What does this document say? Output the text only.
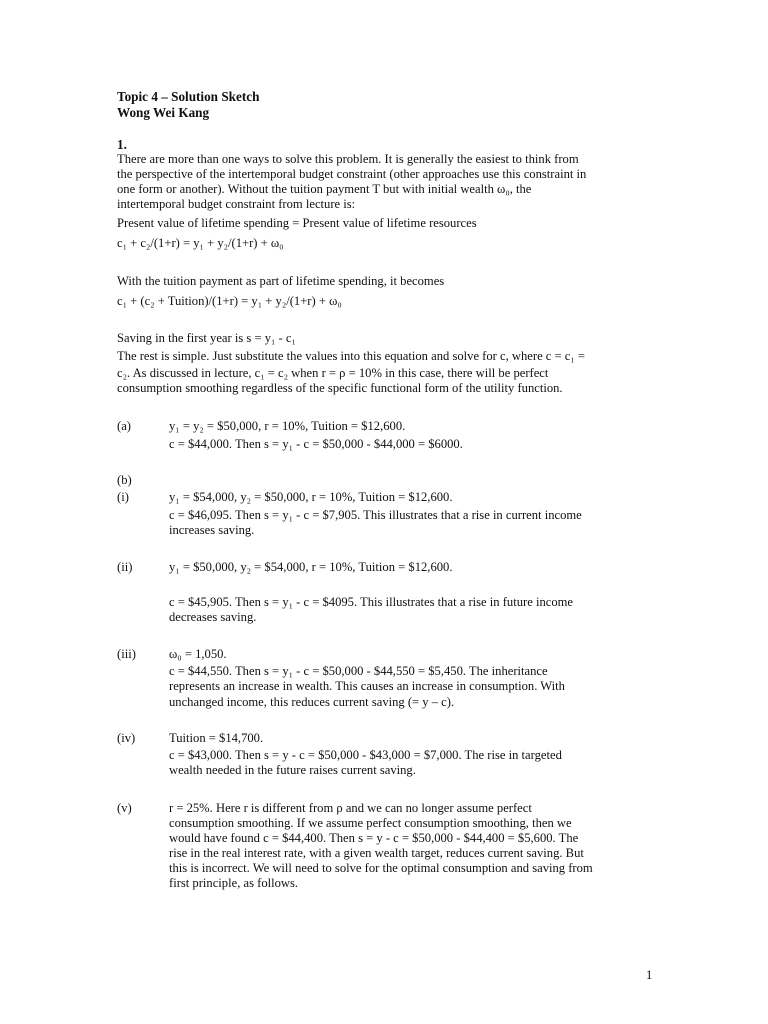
Topic 4 – Solution Sketch
Wong Wei Kang
1.
There are more than one ways to solve this problem. It is generally the easiest to think from
the perspective of the intertemporal budget constraint (other approaches use this constraint in
one form or another). Without the tuition payment T but with initial wealth ω₀, the
intertemporal budget constraint from lecture is:
Present value of lifetime spending = Present value of lifetime resources
c₁ + c₂/(1+r) = y₁ + y₂/(1+r) + ω₀
With the tuition payment as part of lifetime spending, it becomes
c₁ + (c₂ + Tuition)/(1+r) = y₁ + y₂/(1+r) + ω₀
Saving in the first year is s = y₁ - c₁
The rest is simple. Just substitute the values into this equation and solve for c, where c = c₁ =
c₂. As discussed in lecture, c₁ = c₂ when r = ρ = 10% in this case, there will be perfect
consumption smoothing regardless of the specific functional form of the utility function.
(a)	y₁ = y₂ = $50,000, r = 10%, Tuition = $12,600.
c = $44,000. Then s = y₁ - c = $50,000 - $44,000 = $6000.
(b)
(i)	y₁ = $54,000, y₂ = $50,000, r = 10%, Tuition = $12,600.
c = $46,095. Then s = y₁ - c = $7,905. This illustrates that a rise in current income
increases saving.
(ii)	y₁ = $50,000, y₂ = $54,000, r = 10%, Tuition = $12,600.
c = $45,905. Then s = y₁ - c = $4095. This illustrates that a rise in future income
decreases saving.
(iii)	ω₀ = 1,050.
c = $44,550. Then s = y₁ - c = $50,000 - $44,550 = $5,450. The inheritance
represents an increase in wealth. This causes an increase in consumption. With
unchanged income, this reduces current saving (= y – c).
(iv)	Tuition = $14,700.
c = $43,000. Then s = y - c = $50,000 - $43,000 = $7,000. The rise in targeted
wealth needed in the future raises current saving.
(v)	r = 25%. Here r is different from ρ and we can no longer assume perfect
consumption smoothing. If we assume perfect consumption smoothing, then we
would have found c = $44,400. Then s = y - c = $50,000 - $44,400 = $5,600. The
rise in the real interest rate, with a given wealth target, reduces current saving. But
this is incorrect. We will need to solve for the optimal consumption and saving from
first principle, as follows.
1
